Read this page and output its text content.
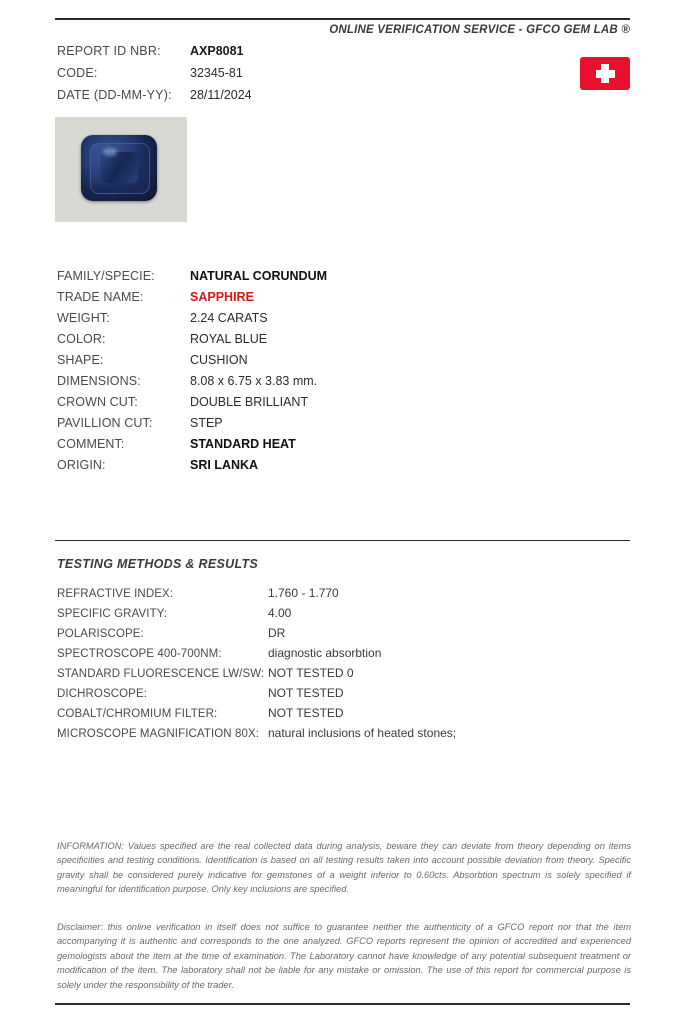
ONLINE VERIFICATION SERVICE - GFCO GEM LAB ®
REPORT ID NBR:	AXP8081
CODE:	32345-81
DATE (DD-MM-YY):	28/11/2024
FAMILY/SPECIE:	NATURAL CORUNDUM
TRADE NAME:	SAPPHIRE
WEIGHT:	2.24 CARATS
COLOR:	ROYAL BLUE
SHAPE:	CUSHION
DIMENSIONS:	8.08 x 6.75 x 3.83 mm.
CROWN CUT:	DOUBLE BRILLIANT
PAVILLION CUT:	STEP
COMMENT:	STANDARD HEAT
ORIGIN:	SRI LANKA
TESTING METHODS & RESULTS
REFRACTIVE INDEX:	1.760 - 1.770
SPECIFIC GRAVITY:	4.00
POLARISCOPE:	DR
SPECTROSCOPE 400-700NM:	diagnostic absorbtion
STANDARD FLUORESCENCE LW/SW: NOT TESTED 0
DICHROSCOPE:	NOT TESTED
COBALT/CHROMIUM FILTER:	NOT TESTED
MICROSCOPE MAGNIFICATION 80X: natural inclusions of heated stones;
INFORMATION: Values specified are the real collected data during analysis, beware they can deviate from theory depending on items specificities and testing conditions. Identification is based on all testing results taken into account possible deviation from theory. Specific gravity shall be considered purely indicative for gemstones of a weight inferior to 0.60cts. Absorbtion spectrum is solely specified if meaningful for identification purpose. Only key inclusions are specified.
Disclaimer: this online verification in itself does not suffice to guarantee neither the authenticity of a GFCO report nor that the item accompanying it is authentic and corresponds to the one analyzed. GFCO reports represent the opinion of accredited and experienced gemologists about the item at the time of examination. The Laboratory cannot have knowledge of any potential subsequent treatment or modification of the item. The laboratory shall not be liable for any mistake or omission. The use of this report for commercial purpose is solely under the responsibility of the trader.
